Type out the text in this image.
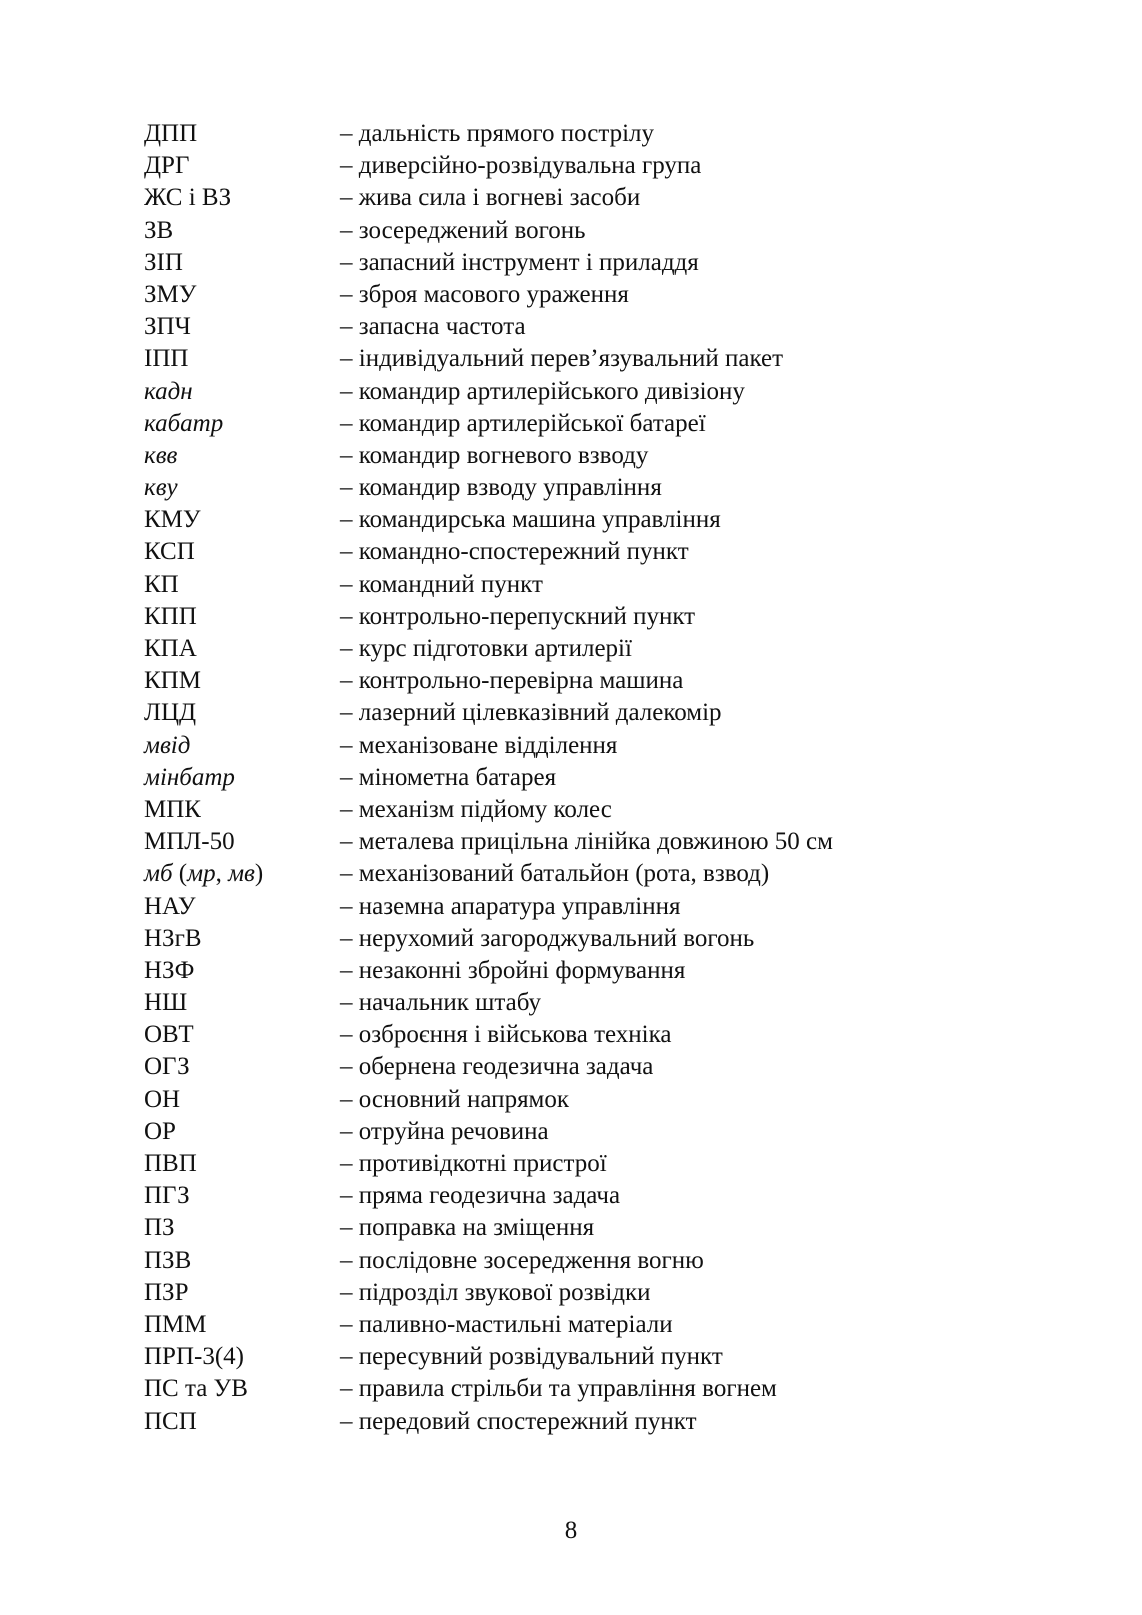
ДПП	– дальність прямого пострілу
ДРГ	– диверсійно-розвідувальна група
ЖС і ВЗ	– жива сила і вогневі засоби
ЗВ	– зосереджений вогонь
ЗІП	– запасний інструмент і приладдя
ЗМУ	– зброя масового ураження
ЗПЧ	– запасна частота
ІПП	– індивідуальний перев’язувальний пакет
кадн	– командир артилерійського дивізіону
кабатр	– командир артилерійської батареї
квв	– командир вогневого взводу
кву	– командир взводу управління
КМУ	– командирська машина управління
КСП	– командно-спостережний пункт
КП	– командний пункт
КПП	– контрольно-перепускний пункт
КПА	– курс підготовки артилерії
КПМ	– контрольно-перевірна машина
ЛЦД	– лазерний цілевказівний далекомір
мвід	– механізоване відділення
мінбатр	– мінометна батарея
МПК	– механізм підйому колес
МПЛ-50	– металева прицільна лінійка довжиною 50 см
мб (мр, мв)	– механізований батальйон (рота, взвод)
НАУ	– наземна апаратура управління
НЗгВ	– нерухомий загороджувальний вогонь
НЗФ	– незаконні збройні формування
НШ	– начальник штабу
ОВТ	– озброєння і військова техніка
ОГЗ	– обернена геодезична задача
ОН	– основний напрямок
ОР	– отруйна речовина
ПВП	– противідкотні пристрої
ПГЗ	– пряма геодезична задача
ПЗ	– поправка на зміщення
ПЗВ	– послідовне зосередження вогню
ПЗР	– підрозділ звукової розвідки
ПММ	– паливно-мастильні матеріали
ПРП-3(4)	– пересувний розвідувальний пункт
ПС та УВ	– правила стрільби та управління вогнем
ПСП	– передовий спостережний пункт
8
